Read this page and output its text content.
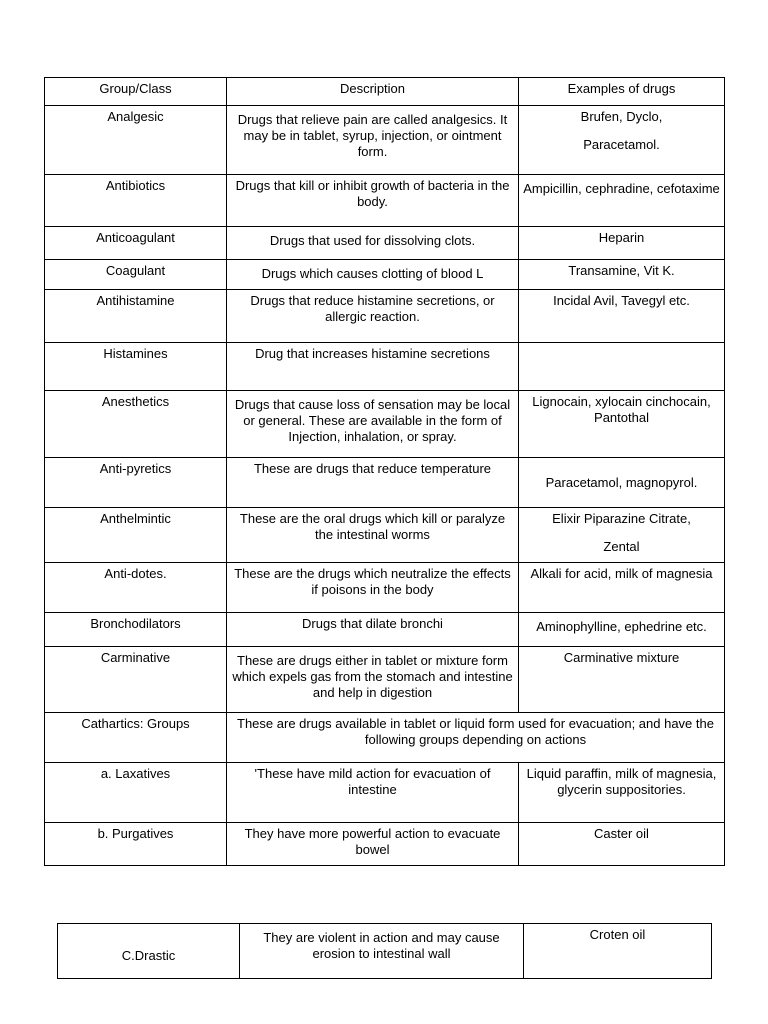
Group/Class	Description	Examples of drugs
Analgesic	Drugs that relieve pain are called analgesics. It may be in tablet, syrup, injection, or ointment form.	Brufen, Dyclo,

Paracetamol.

Antibiotics	Drugs that kill or inhibit growth of bacteria in the body.	Ampicillin, cephradine, cefotaxime

Anticoagulant	Drugs that used for dissolving clots.	Heparin

Coagulant	Drugs which causes clotting of blood L	Transamine, Vit K.

Antihistamine	Drugs that reduce histamine secretions, or allergic reaction.	Incidal Avil, Tavegyl etc.

Histamines	Drug that increases histamine secretions	
Anesthetics	Drugs that cause loss of sensation may be local or general. These are available in the form of Injection, inhalation, or spray.	Lignocain, xylocain cinchocain, Pantothal

Anti-pyretics	These are drugs that reduce temperature	Paracetamol, magnopyrol.

Anthelmintic	These are the oral drugs which kill or paralyze the intestinal worms	Elixir Piparazine Citrate,

Zental

Anti-dotes.	These are the drugs which neutralize the effects if poisons in the body	Alkali for acid, milk of magnesia

Bronchodilators	Drugs that dilate bronchi	Aminophylline, ephedrine etc.

Carminative	These are drugs either in tablet or mixture form which expels gas from the stomach and intestine and help in digestion	Carminative mixture

Cathartics: Groups	These are drugs available in tablet or liquid form used for evacuation; and have the following groups depending on actions	
a. Laxatives	'These have mild action for evacuation of intestine	Liquid paraffin, milk of magnesia, glycerin suppositories.

b. Purgatives	They have more powerful action to evacuate bowel	Caster oil

C.Drastic	They are violent in action and may cause erosion to intestinal wall	Croten oil
